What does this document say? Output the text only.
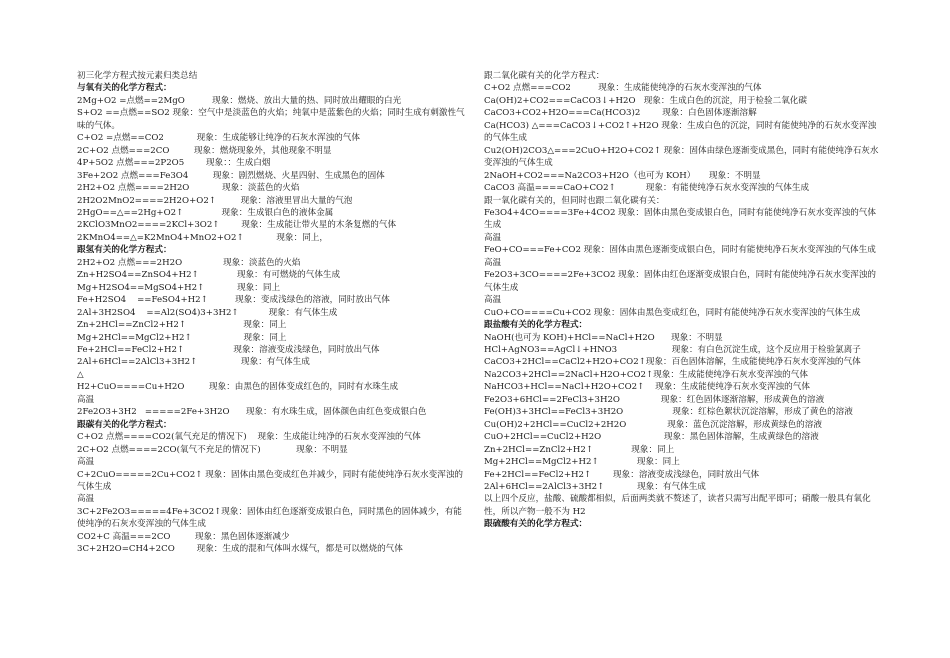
初三化学方程式按元素归类总结
与氧有关的化学方程式：
2Mg+O2 =点燃==2MgO          现象：燃烧、放出大量的热、同时放出耀眼的白光
S+O2 ==点燃==SO2 现象：空气中是淡蓝色的火焰；纯氧中是蓝紫色的火焰；同时生成有刺激性气味的气体。
C+O2 =点燃==CO2            现象：生成能够让纯净的石灰水浑浊的气体
2C+O2 点燃===2CO         现象：燃烧现象外，其他现象不明显
4P+5O2 点燃===2P2O5        现象：：生成白烟
3Fe+2O2 点燃===Fe3O4         现象：剧烈燃烧、火星四射、生成黑色的固体
2H2+O2 点燃====2H2O            现象：淡蓝色的火焰
2H2O2MnO2====2H2O+O2↑         现象：溶液里冒出大量的气泡
2HgO==△==2Hg+O2↑              现象：生成银白色的液体金属
2KClO3MnO2====2KCl+3O2↑        现象：生成能让带火星的木条复燃的气体
2KMnO4==△=K2MnO4+MnO2+O2↑            现象：同上，
跟氢有关的化学方程式：
2H2+O2 点燃===2H2O               现象：淡蓝色的火焰
Zn+H2SO4==ZnSO4+H2↑              现象：有可燃烧的气体生成
Mg+H2SO4==MgSO4+H2↑            现象：同上
Fe+H2SO4    ==FeSO4+H2↑          现象：变成浅绿色的溶液，同时放出气体
2Al+3H2SO4    ==Al2(SO4)3+3H2↑           现象：有气体生成
Zn+2HCl==ZnCl2+H2↑                     现象：同上
Mg+2HCl==MgCl2+H2↑                   现象：同上
Fe+2HCl==FeCl2+H2↑                  现象：溶液变成浅绿色，同时放出气体
2Al+6HCl==2AlCl3+3H2↑                现象：有气体生成
△
H2+CuO====Cu+H2O         现象：由黑色的固体变成红色的，同时有水珠生成
高温
2Fe2O3+3H2   =====2Fe+3H2O      现象：有水珠生成，固体颜色由红色变成银白色
跟碳有关的化学方程式：
C+O2 点燃====CO2(氧气充足的情况下)    现象：生成能让纯净的石灰水变浑浊的气体
2C+O2 点燃====2CO(氧气不充足的情况下)             现象：不明显
高温
C+2CuO=====2Cu+CO2↑ 现象：固体由黑色变成红色并减少，同时有能使纯净石灰水变浑浊的气体生成
高温
3C+2Fe2O3=====4Fe+3CO2↑现象：固体由红色逐渐变成银白色，同时黑色的固体减少，有能使纯净的石灰水变浑浊的气体生成
CO2+C 高温===2CO         现象：黑色固体逐渐减少
3C+2H2O=CH4+2CO        现象：生成的混和气体叫水煤气，都是可以燃烧的气体
跟二氧化碳有关的化学方程式：
C+O2 点燃===CO2          现象：生成能使纯净的石灰水变浑浊的气体
Ca(OH)2+CO2===CaCO3↓+H2O   现象：生成白色的沉淀，用于检验二氧化碳
CaCO3+CO2+H2O===Ca(HCO3)2        现象：白色固体逐渐溶解
Ca(HCO3) △===CaCO3↓+CO2↑+H2O 现象：生成白色的沉淀，同时有能使纯净的石灰水变浑浊的气体生成
Cu2(OH)2CO3△===2CuO+H2O+CO2↑ 现象：固体由绿色逐渐变成黑色，同时有能使纯净石灰水变浑浊的气体生成
2NaOH+CO2===Na2CO3+H2O（也可为 KOH）     现象：不明显
CaCO3 高温====CaO+CO2↑           现象：有能使纯净石灰水变浑浊的气体生成
跟一氧化碳有关的，但同时也跟二氧化碳有关：
Fe3O4+4CO====3Fe+4CO2 现象：固体由黑色变成银白色，同时有能使纯净石灰水变浑浊的气体生成
高温
FeO+CO===Fe+CO2 现象：固体由黑色逐渐变成银白色，同时有能使纯净石灰水变浑浊的气体生成
高温
Fe2O3+3CO====2Fe+3CO2 现象：固体由红色逐渐变成银白色，同时有能使纯净石灰水变浑浊的气体生成
高温
CuO+CO====Cu+CO2 现象：固体由黑色变成红色，同时有能使纯净石灰水变浑浊的气体生成
跟盐酸有关的化学方程式：
NaOH(也可为 KOH)+HCl==NaCl+H2O      现象：不明显
HCl+AgNO3==AgCl↓+HNO3                    现象：有白色沉淀生成，这个反应用于检验氯离子
CaCO3+2HCl==CaCl2+H2O+CO2↑现象：百色固体溶解，生成能使纯净石灰水变浑浊的气体
Na2CO3+2HCl==2NaCl+H2O+CO2↑现象：生成能使纯净石灰水变浑浊的气体
NaHCO3+HCl==NaCl+H2O+CO2↑    现象：生成能使纯净石灰水变浑浊的气体
Fe2O3+6HCl==2FeCl3+3H2O               现象：红色固体逐渐溶解，形成黄色的溶液
Fe(OH)3+3HCl==FeCl3+3H2O                  现象：红棕色絮状沉淀溶解，形成了黄色的溶液
Cu(OH)2+2HCl==CuCl2+2H2O               现象：蓝色沉淀溶解，形成黄绿色的溶液
CuO+2HCl==CuCl2+H2O                       现象：黑色固体溶解，生成黄绿色的溶液
Zn+2HCl==ZnCl2+H2↑              现象：同上
Mg+2HCl==MgCl2+H2↑              现象：同上
Fe+2HCl==FeCl2+H2↑        现象：溶液变成浅绿色，同时放出气体
2Al+6HCl==2AlCl3+3H2↑            现象：有气体生成
以上四个反应，盐酸、硫酸都相似，后面两类就不赘述了，读者只需写出配平即可；硝酸一般具有氧化性，所以产物一般不为 H2
跟硫酸有关的化学方程式：
